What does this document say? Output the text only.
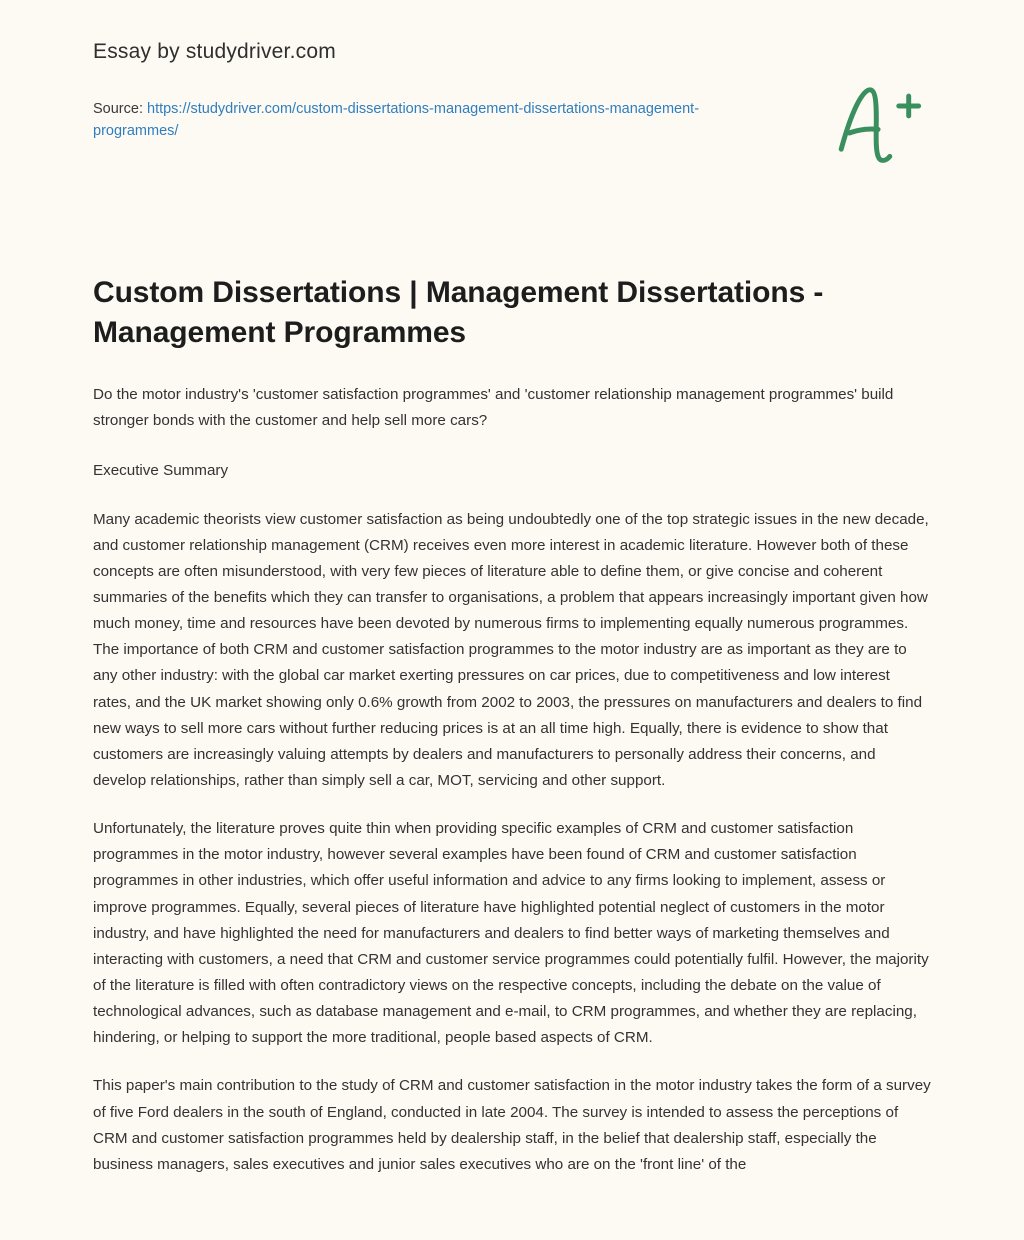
Essay by studydriver.com
Source: https://studydriver.com/custom-dissertations-management-dissertations-management-programmes/
Custom Dissertations | Management Dissertations - Management Programmes

Do the motor industry's 'customer satisfaction programmes' and 'customer relationship management programmes' build stronger bonds with the customer and help sell more cars?

Executive Summary

Many academic theorists view customer satisfaction as being undoubtedly one of the top strategic issues in the new decade, and customer relationship management (CRM) receives even more interest in academic literature. However both of these concepts are often misunderstood, with very few pieces of literature able to define them, or give concise and coherent summaries of the benefits which they can transfer to organisations, a problem that appears increasingly important given how much money, time and resources have been devoted by numerous firms to implementing equally numerous programmes. The importance of both CRM and customer satisfaction programmes to the motor industry are as important as they are to any other industry: with the global car market exerting pressures on car prices, due to competitiveness and low interest rates, and the UK market showing only 0.6% growth from 2002 to 2003, the pressures on manufacturers and dealers to find new ways to sell more cars without further reducing prices is at an all time high. Equally, there is evidence to show that customers are increasingly valuing attempts by dealers and manufacturers to personally address their concerns, and develop relationships, rather than simply sell a car, MOT, servicing and other support.

Unfortunately, the literature proves quite thin when providing specific examples of CRM and customer satisfaction programmes in the motor industry, however several examples have been found of CRM and customer satisfaction programmes in other industries, which offer useful information and advice to any firms looking to implement, assess or improve programmes. Equally, several pieces of literature have highlighted potential neglect of customers in the motor industry, and have highlighted the need for manufacturers and dealers to find better ways of marketing themselves and interacting with customers, a need that CRM and customer service programmes could potentially fulfil. However, the majority of the literature is filled with often contradictory views on the respective concepts, including the debate on the value of technological advances, such as database management and e-mail, to CRM programmes, and whether they are replacing, hindering, or helping to support the more traditional, people based aspects of CRM.

This paper's main contribution to the study of CRM and customer satisfaction in the motor industry takes the form of a survey of five Ford dealers in the south of England, conducted in late 2004. The survey is intended to assess the perceptions of CRM and customer satisfaction programmes held by dealership staff, in the belief that dealership staff, especially the business managers, sales executives and junior sales executives who are on the 'front line' of the
